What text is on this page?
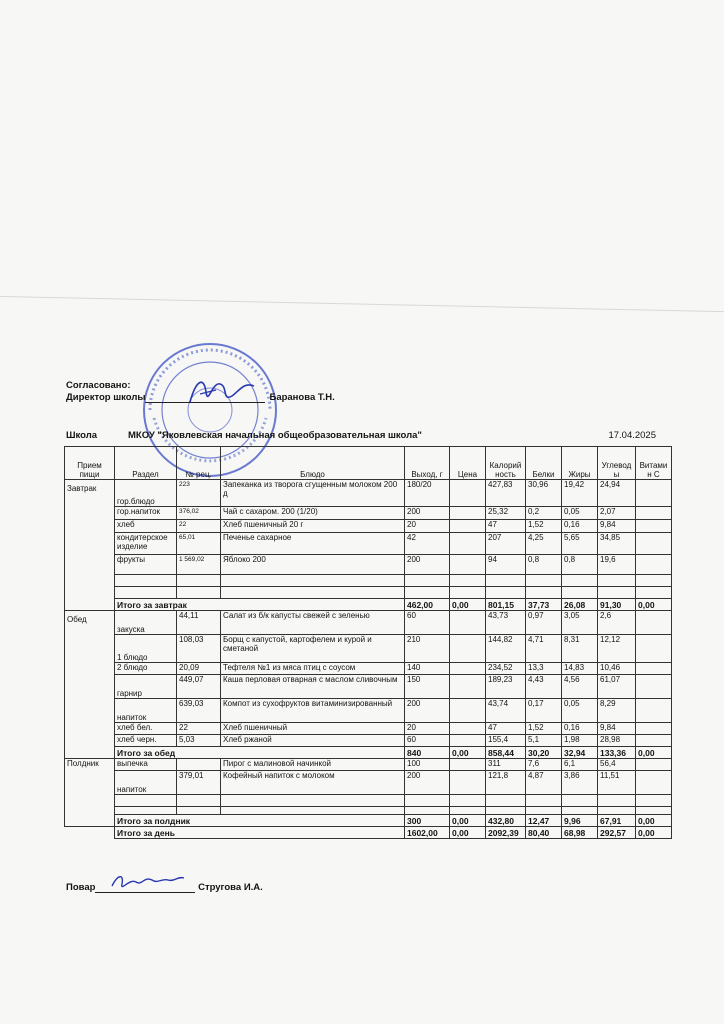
Согласовано:
Директор школы	Баранова Т.Н.
Школа	МКОУ "Яковлевская начальная общеобразовательная школа"	17.04.2025
Прием пищи	Раздел	№ рец.	Блюдо	Выход, г	Цена	Калорий ность	Белки	Жиры	Углевод ы	Витами н С
Завтрак	гор.блюдо	223	Запеканка из творога сгущенным молоком 200 д	180/20		427,83	30,96	19,42	24,94	
	гор.напиток	376,02	Чай с сахаром. 200 (1/20)	200		25,32	0,2	0,05	2,07	
	хлеб	22	Хлеб пшеничный 20 г	20		47	1,52	0,16	9,84	
	кондитерское изделие	65,01	Печенье сахарное	42		207	4,25	5,65	34,85	
	фрукты	1 569,02	Яблоко 200	200		94	0,8	0,8	19,6	

	Итого за завтрак			462,00	0,00	801,15	37,73	26,08	91,30	0,00
Обед	закуска	44,11	Салат из б/к капусты свежей с зеленью	60		43,73	0,97	3,05	2,6	
	1 блюдо	108,03	Борщ с капустой, картофелем и курой и сметаной	210		144,82	4,71	8,31	12,12	
	2 блюдо	20,09	Тефтеля №1 из мяса птиц с соусом	140		234,52	13,3	14,83	10,46	
	гарнир	449,07	Каша перловая отварная с маслом сливочным	150		189,23	4,43	4,56	61,07	
	напиток	639,03	Компот из сухофруктов витаминизированный	200		43,74	0,17	0,05	8,29	
	хлеб бел.	22	Хлеб пшеничный	20		47	1,52	0,16	9,84	
	хлеб черн.	5,03	Хлеб ржаной	60		155,4	5,1	1,98	28,98	
	Итого за обед			840	0,00	858,44	30,20	32,94	133,36	0,00
Полдник	выпечка		Пирог с малиновой начинкой	100		311	7,6	6,1	56,4	
	напиток	379,01	Кофейный напиток с молоком	200		121,8	4,87	3,86	11,51	

	Итого за полдник			300	0,00	432,80	12,47	9,96	67,91	0,00
	Итого за день			1602,00	0,00	2092,39	80,40	68,98	292,57	0,00
Повар	Стругова И.А.
